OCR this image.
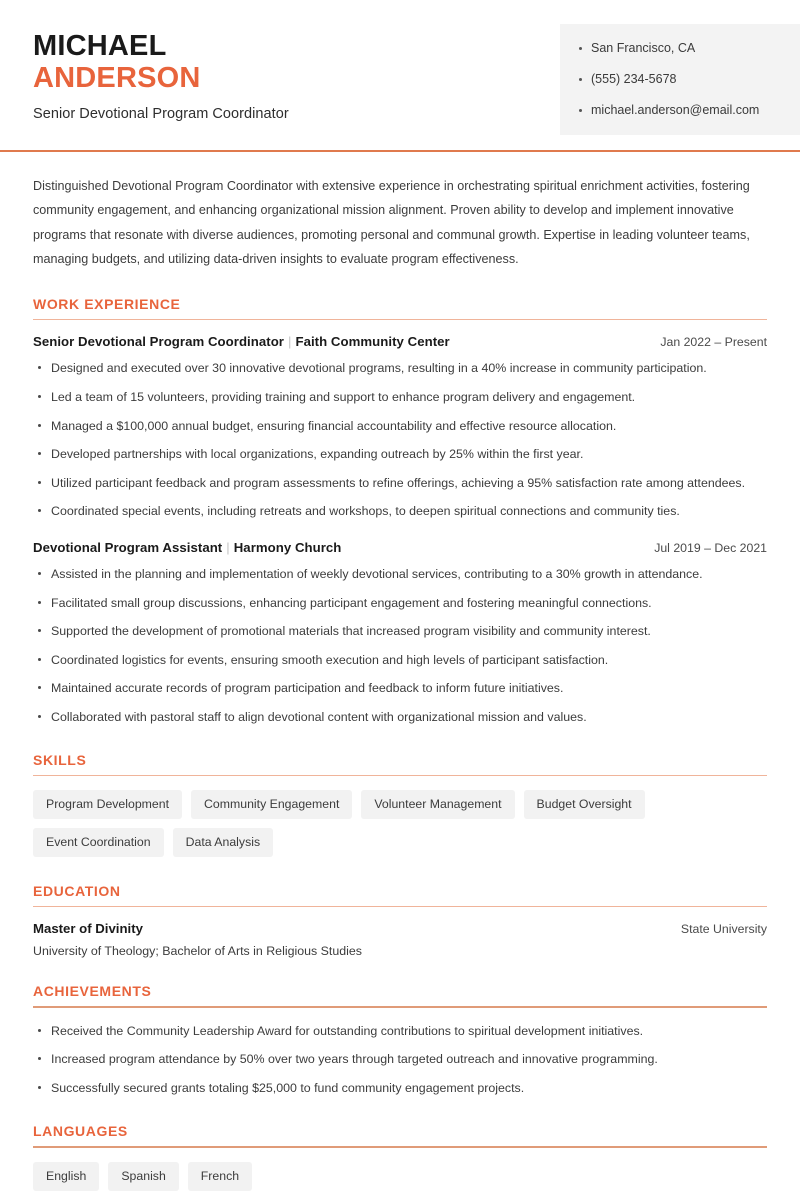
MICHAEL
ANDERSON
Senior Devotional Program Coordinator
San Francisco, CA
(555) 234-5678
michael.anderson@email.com

Distinguished Devotional Program Coordinator with extensive experience in orchestrating spiritual enrichment activities, fostering community engagement, and enhancing organizational mission alignment. Proven ability to develop and implement innovative programs that resonate with diverse audiences, promoting personal and communal growth. Expertise in leading volunteer teams, managing budgets, and utilizing data-driven insights to evaluate program effectiveness.

WORK EXPERIENCE
Senior Devotional Program Coordinator | Faith Community Center	Jan 2022 – Present
Designed and executed over 30 innovative devotional programs, resulting in a 40% increase in community participation.
Led a team of 15 volunteers, providing training and support to enhance program delivery and engagement.
Managed a $100,000 annual budget, ensuring financial accountability and effective resource allocation.
Developed partnerships with local organizations, expanding outreach by 25% within the first year.
Utilized participant feedback and program assessments to refine offerings, achieving a 95% satisfaction rate among attendees.
Coordinated special events, including retreats and workshops, to deepen spiritual connections and community ties.
Devotional Program Assistant | Harmony Church	Jul 2019 – Dec 2021
Assisted in the planning and implementation of weekly devotional services, contributing to a 30% growth in attendance.
Facilitated small group discussions, enhancing participant engagement and fostering meaningful connections.
Supported the development of promotional materials that increased program visibility and community interest.
Coordinated logistics for events, ensuring smooth execution and high levels of participant satisfaction.
Maintained accurate records of program participation and feedback to inform future initiatives.
Collaborated with pastoral staff to align devotional content with organizational mission and values.
SKILLS
Program Development	Community Engagement	Volunteer Management	Budget Oversight
Event Coordination	Data Analysis
EDUCATION
Master of Divinity	State University
University of Theology; Bachelor of Arts in Religious Studies
ACHIEVEMENTS
Received the Community Leadership Award for outstanding contributions to spiritual development initiatives.
Increased program attendance by 50% over two years through targeted outreach and innovative programming.
Successfully secured grants totaling $25,000 to fund community engagement projects.
LANGUAGES
English	Spanish	French
